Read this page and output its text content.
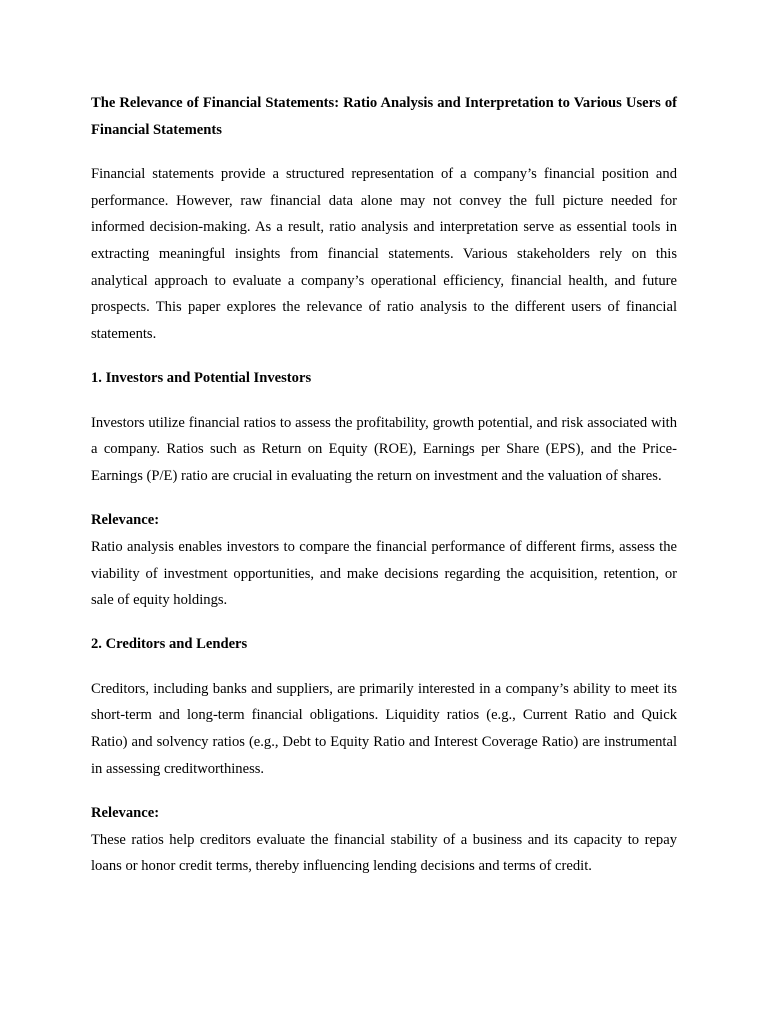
The Relevance of Financial Statements: Ratio Analysis and Interpretation to Various Users of Financial Statements

Financial statements provide a structured representation of a company’s financial position and performance. However, raw financial data alone may not convey the full picture needed for informed decision-making. As a result, ratio analysis and interpretation serve as essential tools in extracting meaningful insights from financial statements. Various stakeholders rely on this analytical approach to evaluate a company’s operational efficiency, financial health, and future prospects. This paper explores the relevance of ratio analysis to the different users of financial statements.

1. Investors and Potential Investors

Investors utilize financial ratios to assess the profitability, growth potential, and risk associated with a company. Ratios such as Return on Equity (ROE), Earnings per Share (EPS), and the Price-Earnings (P/E) ratio are crucial in evaluating the return on investment and the valuation of shares.

Relevance:

Ratio analysis enables investors to compare the financial performance of different firms, assess the viability of investment opportunities, and make decisions regarding the acquisition, retention, or sale of equity holdings.

2. Creditors and Lenders

Creditors, including banks and suppliers, are primarily interested in a company’s ability to meet its short-term and long-term financial obligations. Liquidity ratios (e.g., Current Ratio and Quick Ratio) and solvency ratios (e.g., Debt to Equity Ratio and Interest Coverage Ratio) are instrumental in assessing creditworthiness.

Relevance:

These ratios help creditors evaluate the financial stability of a business and its capacity to repay loans or honor credit terms, thereby influencing lending decisions and terms of credit.
